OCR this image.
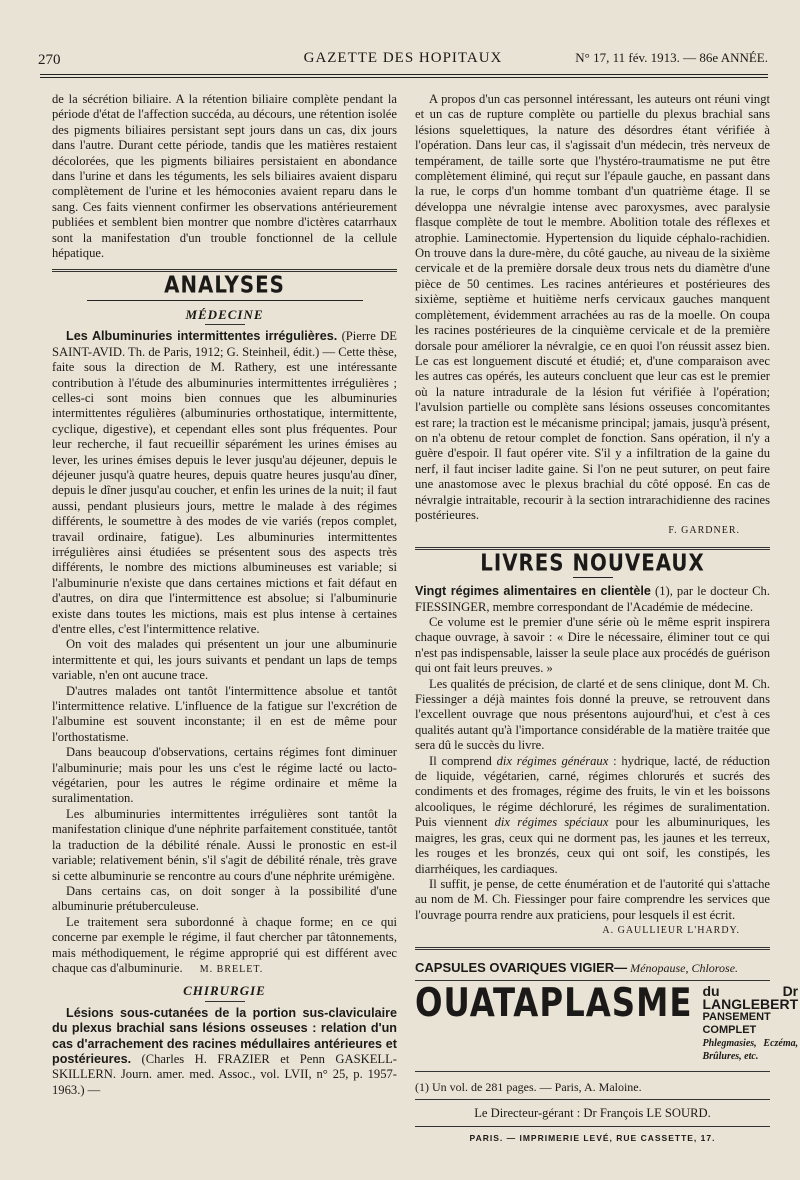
270	GAZETTE DES HOPITAUX	N° 17, 11 fév. 1913. — 86e ANNÉE.

de la sécrétion biliaire. A la rétention biliaire complète pendant la période d'état de l'affection succéda, au décours, une rétention isolée des pigments biliaires persistant sept jours dans un cas, dix jours dans l'autre. Durant cette période, tandis que les matières restaient décolorées, que les pigments biliaires persistaient en abondance dans l'urine et dans les téguments, les sels biliaires avaient disparu complètement de l'urine et les hémoconies avaient reparu dans le sang. Ces faits viennent confirmer les observations antérieurement publiées et semblent bien montrer que nombre d'ictères catarrhaux sont la manifestation d'un trouble fonctionnel de la cellule hépatique.

ANALYSES
MÉDECINE

Les Albuminuries intermittentes irrégulières. (Pierre DE SAINT-AVID. Th. de Paris, 1912; G. Steinheil, édit.) — Cette thèse, faite sous la direction de M. Rathery, est une intéressante contribution à l'étude des albuminuries intermittentes irrégulières ; celles-ci sont moins bien connues que les albuminuries intermittentes régulières (albuminuries orthostatique, intermittente, cyclique, digestive), et cependant elles sont plus fréquentes. Pour leur recherche, il faut recueillir séparément les urines émises au lever, les urines émises depuis le lever jusqu'au déjeuner, depuis le déjeuner jusqu'à quatre heures, depuis quatre heures jusqu'au dîner, depuis le dîner jusqu'au coucher, et enfin les urines de la nuit; il faut aussi, pendant plusieurs jours, mettre le malade à des régimes différents, le soumettre à des modes de vie variés (repos complet, travail ordinaire, fatigue). Les albuminuries intermittentes irrégulières ainsi étudiées se présentent sous des aspects très différents, le nombre des mictions albumineuses est variable; si l'albuminurie n'existe que dans certaines mictions et fait défaut en d'autres, on dira que l'intermittence est absolue; si l'albuminurie existe dans toutes les mictions, mais est plus intense à certaines d'entre elles, c'est l'intermittence relative.

On voit des malades qui présentent un jour une albuminurie intermittente et qui, les jours suivants et pendant un laps de temps variable, n'en ont aucune trace.

D'autres malades ont tantôt l'intermittence absolue et tantôt l'intermittence relative. L'influence de la fatigue sur l'excrétion de l'albumine est souvent inconstante; il en est de même pour l'orthostatisme.

Dans beaucoup d'observations, certains régimes font diminuer l'albuminurie; mais pour les uns c'est le régime lacté ou lacto-végétarien, pour les autres le régime ordinaire et même la suralimentation.

Les albuminuries intermittentes irrégulières sont tantôt la manifestation clinique d'une néphrite parfaitement constituée, tantôt la traduction de la débilité rénale. Aussi le pronostic en est-il variable; relativement bénin, s'il s'agit de débilité rénale, très grave si cette albuminurie se rencontre au cours d'une néphrite urémigène.

Dans certains cas, on doit songer à la possibilité d'une albuminurie prétuberculeuse.

Le traitement sera subordonné à chaque forme; en ce qui concerne par exemple le régime, il faut chercher par tâtonnements, mais méthodiquement, le régime approprié qui est différent avec chaque cas d'albuminurie. M. BRELET.

CHIRURGIE

Lésions sous-cutanées de la portion sus-claviculaire du plexus brachial sans lésions osseuses : relation d'un cas d'arrachement des racines médullaires antérieures et postérieures. (Charles H. FRAZIER et Penn GASKELL-SKILLERN. Journ. amer. med. Assoc., vol. LVII, n° 25, p. 1957-1963.) —

A propos d'un cas personnel intéressant, les auteurs ont réuni vingt et un cas de rupture complète ou partielle du plexus brachial sans lésions squelettiques, la nature des désordres étant vérifiée à l'opération. Dans leur cas, il s'agissait d'un médecin, très nerveux de tempérament, de taille sorte que l'hystéro-traumatisme ne put être complètement éliminé, qui reçut sur l'épaule gauche, en passant dans la rue, le corps d'un homme tombant d'un quatrième étage. Il se développa une névralgie intense avec paroxysmes, avec paralysie flasque complète de tout le membre. Abolition totale des réflexes et atrophie. Laminectomie. Hypertension du liquide céphalo-rachidien. On trouve dans la dure-mère, du côté gauche, au niveau de la sixième cervicale et de la première dorsale deux trous nets du diamètre d'une pièce de 50 centimes. Les racines antérieures et postérieures des sixième, septième et huitième nerfs cervicaux gauches manquent complètement, évidemment arrachées au ras de la moelle. On coupa les racines postérieures de la cinquième cervicale et de la première dorsale pour améliorer la névralgie, ce en quoi l'on réussit assez bien. Le cas est longuement discuté et étudié; et, d'une comparaison avec les autres cas opérés, les auteurs concluent que leur cas est le premier où la nature intradurale de la lésion fut vérifiée à l'opération; l'avulsion partielle ou complète sans lésions osseuses concomitantes est rare; la traction est le mécanisme principal; jamais, jusqu'à présent, on n'a obtenu de retour complet de fonction. Sans opération, il n'y a guère d'espoir. Il faut opérer vite. S'il y a infiltration de la gaine du nerf, il faut inciser ladite gaine. Si l'on ne peut suturer, on peut faire une anastomose avec le plexus brachial du côté opposé. En cas de névralgie intraitable, recourir à la section intrarachidienne des racines postérieures.

F. GARDNER.
LIVRES NOUVEAUX

Vingt régimes alimentaires en clientèle (1), par le docteur Ch. FIESSINGER, membre correspondant de l'Académie de médecine.

Ce volume est le premier d'une série où le même esprit inspirera chaque ouvrage, à savoir : « Dire le nécessaire, éliminer tout ce qui n'est pas indispensable, laisser la seule place aux procédés de guérison qui ont fait leurs preuves. »

Les qualités de précision, de clarté et de sens clinique, dont M. Ch. Fiessinger a déjà maintes fois donné la preuve, se retrouvent dans l'excellent ouvrage que nous présentons aujourd'hui, et c'est à ces qualités autant qu'à l'importance considérable de la matière traitée que sera dû le succès du livre.

Il comprend dix régimes généraux : hydrique, lacté, de réduction de liquide, végétarien, carné, régimes chlorurés et sucrés des condiments et des fromages, régime des fruits, le vin et les boissons alcooliques, le régime déchloruré, les régimes de suralimentation. Puis viennent dix régimes spéciaux pour les albuminuriques, les maigres, les gras, ceux qui ne dorment pas, les jaunes et les terreux, les rouges et les bronzés, ceux qui ont soif, les constipés, les diarrhéiques, les cardiaques.

Il suffit, je pense, de cette énumération et de l'autorité qui s'attache au nom de M. Ch. Fiessinger pour faire comprendre les services que l'ouvrage pourra rendre aux praticiens, pour lesquels il est écrit.

A. GAULLIEUR L'HARDY.
CAPSULES OVARIQUES VIGIER— Ménopause, Chlorose.
OUATAPLASME du Dr LANGLEBERT
PANSEMENT COMPLET
Phlegmasies, Eczéma, Brûlures, etc.
(1) Un vol. de 281 pages. — Paris, A. Maloine.
Le Directeur-gérant : Dr François LE SOURD.
PARIS. — IMPRIMERIE LEVÉ, RUE CASSETTE, 17.
